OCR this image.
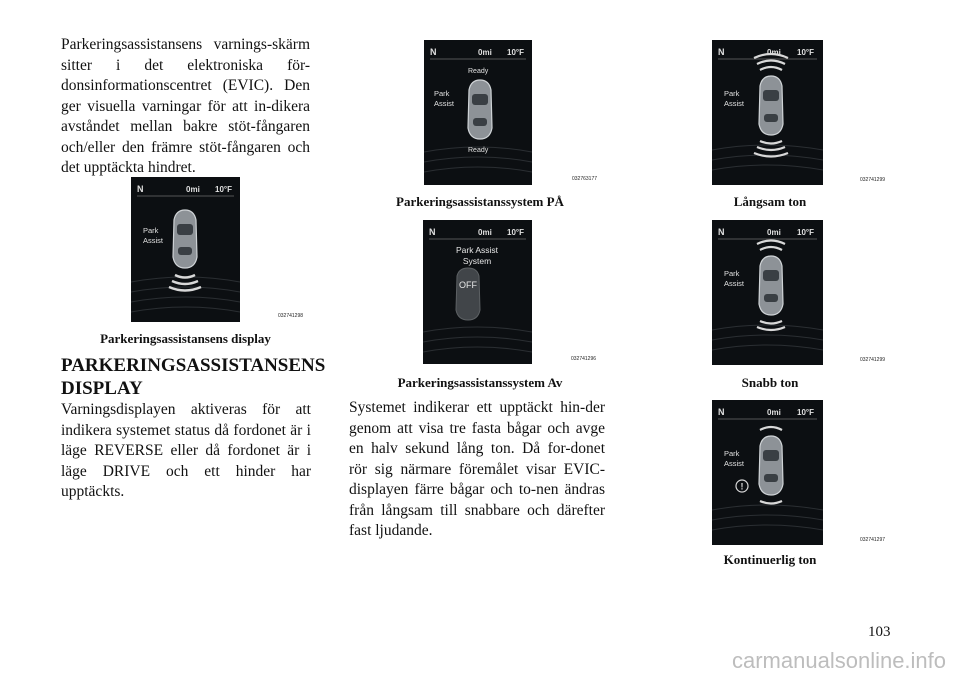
Parkeringsassistansens varnings-skärm sitter i det elektroniska för-donsinformationscentret (EVIC). Den ger visuella varningar för att in-dikera avståndet mellan bakre stöt-fångaren och/eller den främre stöt-fångaren och det upptäckta hindret.
N	0mi 10°F
Park
Assist
032741298
Parkeringsassistansens display
PARKERINGSASSISTANSENS
DISPLAY
Varningsdisplayen aktiveras för att indikera systemet status då fordonet är i läge REVERSE eller då fordonet är i läge DRIVE och ett hinder har upptäckts.
N	0mi 10°F
Ready
Park
Assist
Ready
032763177
Parkeringsassistanssystem PÅ
N	0mi 10°F
Park Assist
System
OFF
032741296
Parkeringsassistanssystem Av
Systemet indikerar ett upptäckt hin-der genom att visa tre fasta bågar och avge en halv sekund lång ton. Då for-donet rör sig närmare föremålet visar EVIC-displayen färre bågar och to-nen ändras från långsam till snabbare och därefter fast ljudande.
N	0mi 10°F
Park
Assist
032741299
Långsam ton
N	0mi 10°F
Park
Assist
032741299
Snabb ton
N	0mi 10°F
Park
Assist
!
032741297
Kontinuerlig ton
103
carmanualsonline.info
